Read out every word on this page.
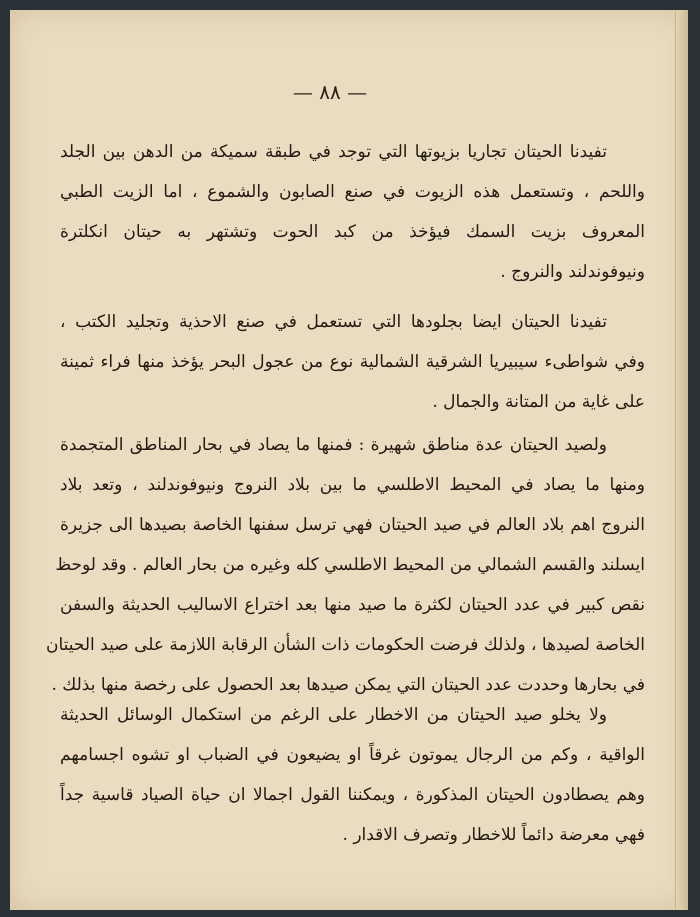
— ٨٨ —
تفيدنا الحيتان تجاريا بزيوتها التي توجد في طبقة سميكة من الدهن بين الجلد
واللحم ، وتستعمل هذه الزيوت في صنع الصابون والشموع ، اما الزيت الطبي
المعروف بزيت السمك فيؤخذ من كبد الحوت وتشتهر به حيتان انكلترة
ونيوفوندلند والنروج .
تفيدنا الحيتان ايضا بجلودها التي تستعمل في صنع الاحذية وتجليد الكتب ،
وفي شواطىء سيبيريا الشرقية الشمالية نوع من عجول البحر يؤخذ منها فراء ثمينة
على غاية من المتانة والجمال .
ولصيد الحيتان عدة مناطق شهيرة : فمنها ما يصاد في بحار المناطق المتجمدة
ومنها ما يصاد في المحيط الاطلسي ما بين بلاد النروج ونيوفوندلند ، وتعد بلاد
النروج اهم بلاد العالم في صيد الحيتان فهي ترسل سفنها الخاصة بصيدها الى جزيرة
ايسلند والقسم الشمالي من المحيط الاطلسي كله وغيره من بحار العالم . وقد لوحظ
نقص كبير في عدد الحيتان لكثرة ما صيد منها بعد اختراع الاساليب الحديثة والسفن
الخاصة لصيدها ، ولذلك فرضت الحكومات ذات الشأن الرقابة اللازمة على صيد الحيتان
في بحارها وحددت عدد الحيتان التي يمكن صيدها بعد الحصول على رخصة منها بذلك .
ولا يخلو صيد الحيتان من الاخطار على الرغم من استكمال الوسائل الحديثة
الواقية ، وكم من الرجال يموتون غرقاً او يضيعون في الضباب او تشوه اجسامهم
وهم يصطادون الحيتان المذكورة ، ويمكننا القول اجمالا ان حياة الصياد قاسية جداً
فهي معرضة دائماً للاخطار وتصرف الاقدار .
